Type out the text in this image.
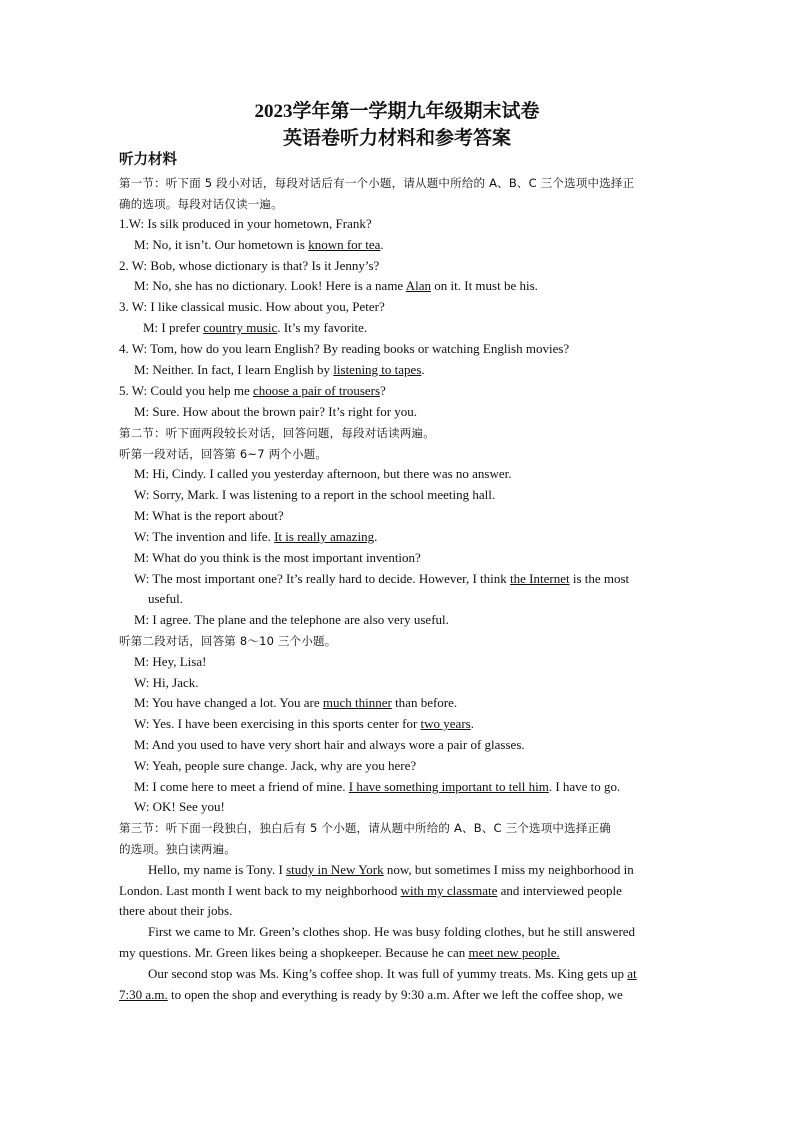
2023学年第一学期九年级期末试卷
英语卷听力材料和参考答案
听力材料
第一节：听下面 5 段小对话，每段对话后有一个小题，请从题中所给的 A、B、C 三个选项中选择正
确的选项。每段对话仅读一遍。
1.W: Is silk produced in your hometown, Frank?
M: No, it isn’t. Our hometown is known for tea.
2. W: Bob, whose dictionary is that? Is it Jenny’s?
M: No, she has no dictionary. Look! Here is a name Alan on it. It must be his.
3. W: I like classical music. How about you, Peter?
M: I prefer country music. It’s my favorite.
4. W: Tom, how do you learn English? By reading books or watching English movies?
M: Neither. In fact, I learn English by listening to tapes.
5. W: Could you help me choose a pair of trousers?
M: Sure. How about the brown pair? It’s right for you.
第二节：听下面两段较长对话，回答问题，每段对话读两遍。
听第一段对话，回答第 6~7 两个小题。
M: Hi, Cindy. I called you yesterday afternoon, but there was no answer.
W: Sorry, Mark. I was listening to a report in the school meeting hall.
M: What is the report about?
W: The invention and life. It is really amazing.
M: What do you think is the most important invention?
W: The most important one? It’s really hard to decide. However, I think the Internet is the most
useful.
M: I agree. The plane and the telephone are also very useful.
听第二段对话，回答第 8～10 三个小题。
M: Hey, Lisa!
W: Hi, Jack.
M: You have changed a lot. You are much thinner than before.
W: Yes. I have been exercising in this sports center for two years.
M: And you used to have very short hair and always wore a pair of glasses.
W: Yeah, people sure change. Jack, why are you here?
M: I come here to meet a friend of mine. I have something important to tell him. I have to go.
W: OK! See you!
第三节：听下面一段独白，独白后有 5 个小题，请从题中所给的 A、B、C 三个选项中选择正确
的选项。独白读两遍。
Hello, my name is Tony. I study in New York now, but sometimes I miss my neighborhood in
London. Last month I went back to my neighborhood with my classmate and interviewed people
there about their jobs.
First we came to Mr. Green’s clothes shop. He was busy folding clothes, but he still answered
my questions. Mr. Green likes being a shopkeeper. Because he can meet new people.
Our second stop was Ms. King’s coffee shop. It was full of yummy treats. Ms. King gets up at
7:30 a.m. to open the shop and everything is ready by 9:30 a.m. After we left the coffee shop, we
